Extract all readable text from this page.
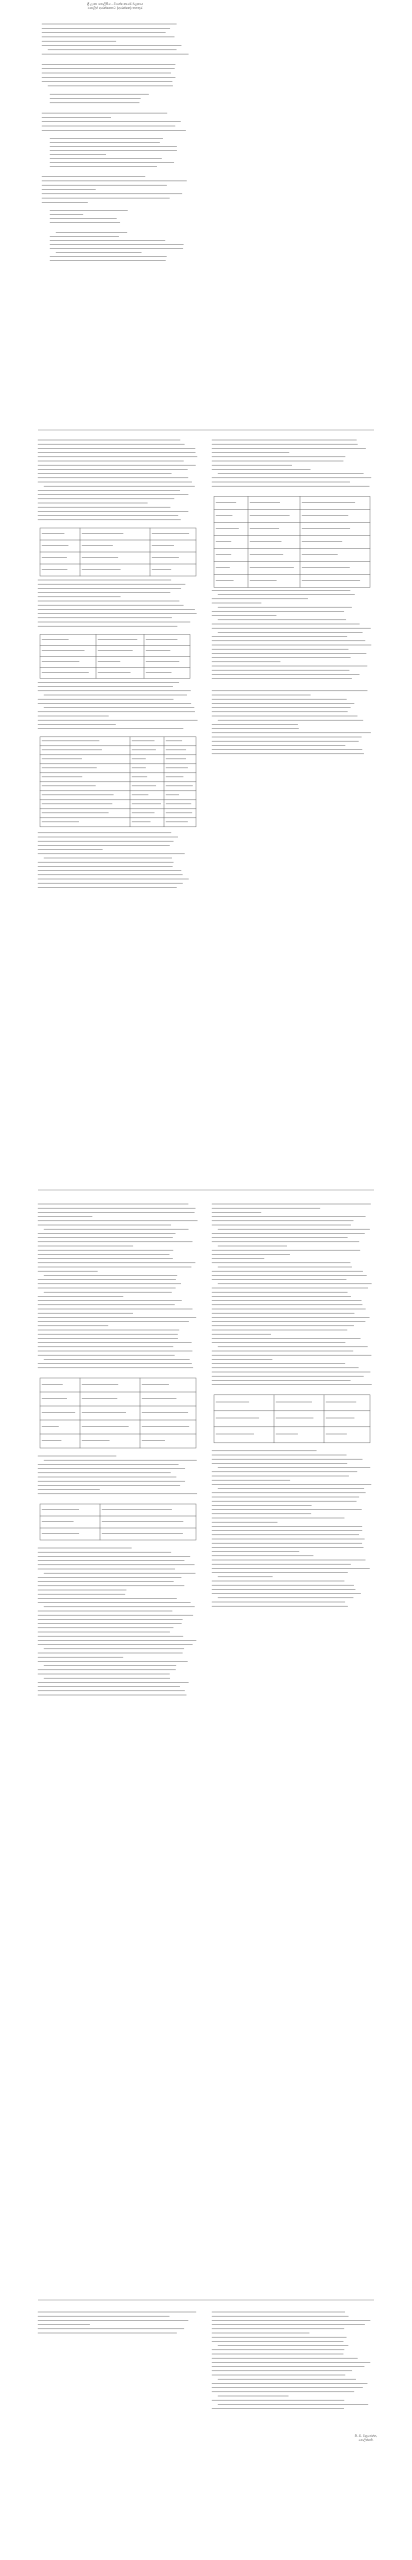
ශ්‍රී ලංකා පොලිසිය - විශේෂ කාර්ය බලකාය
පොලිස් ආරක්ෂකභට (ආරක්ෂක) තනතුර
සී. ඩී. වික්‍රමරත්න,
පොලිස්පති.
